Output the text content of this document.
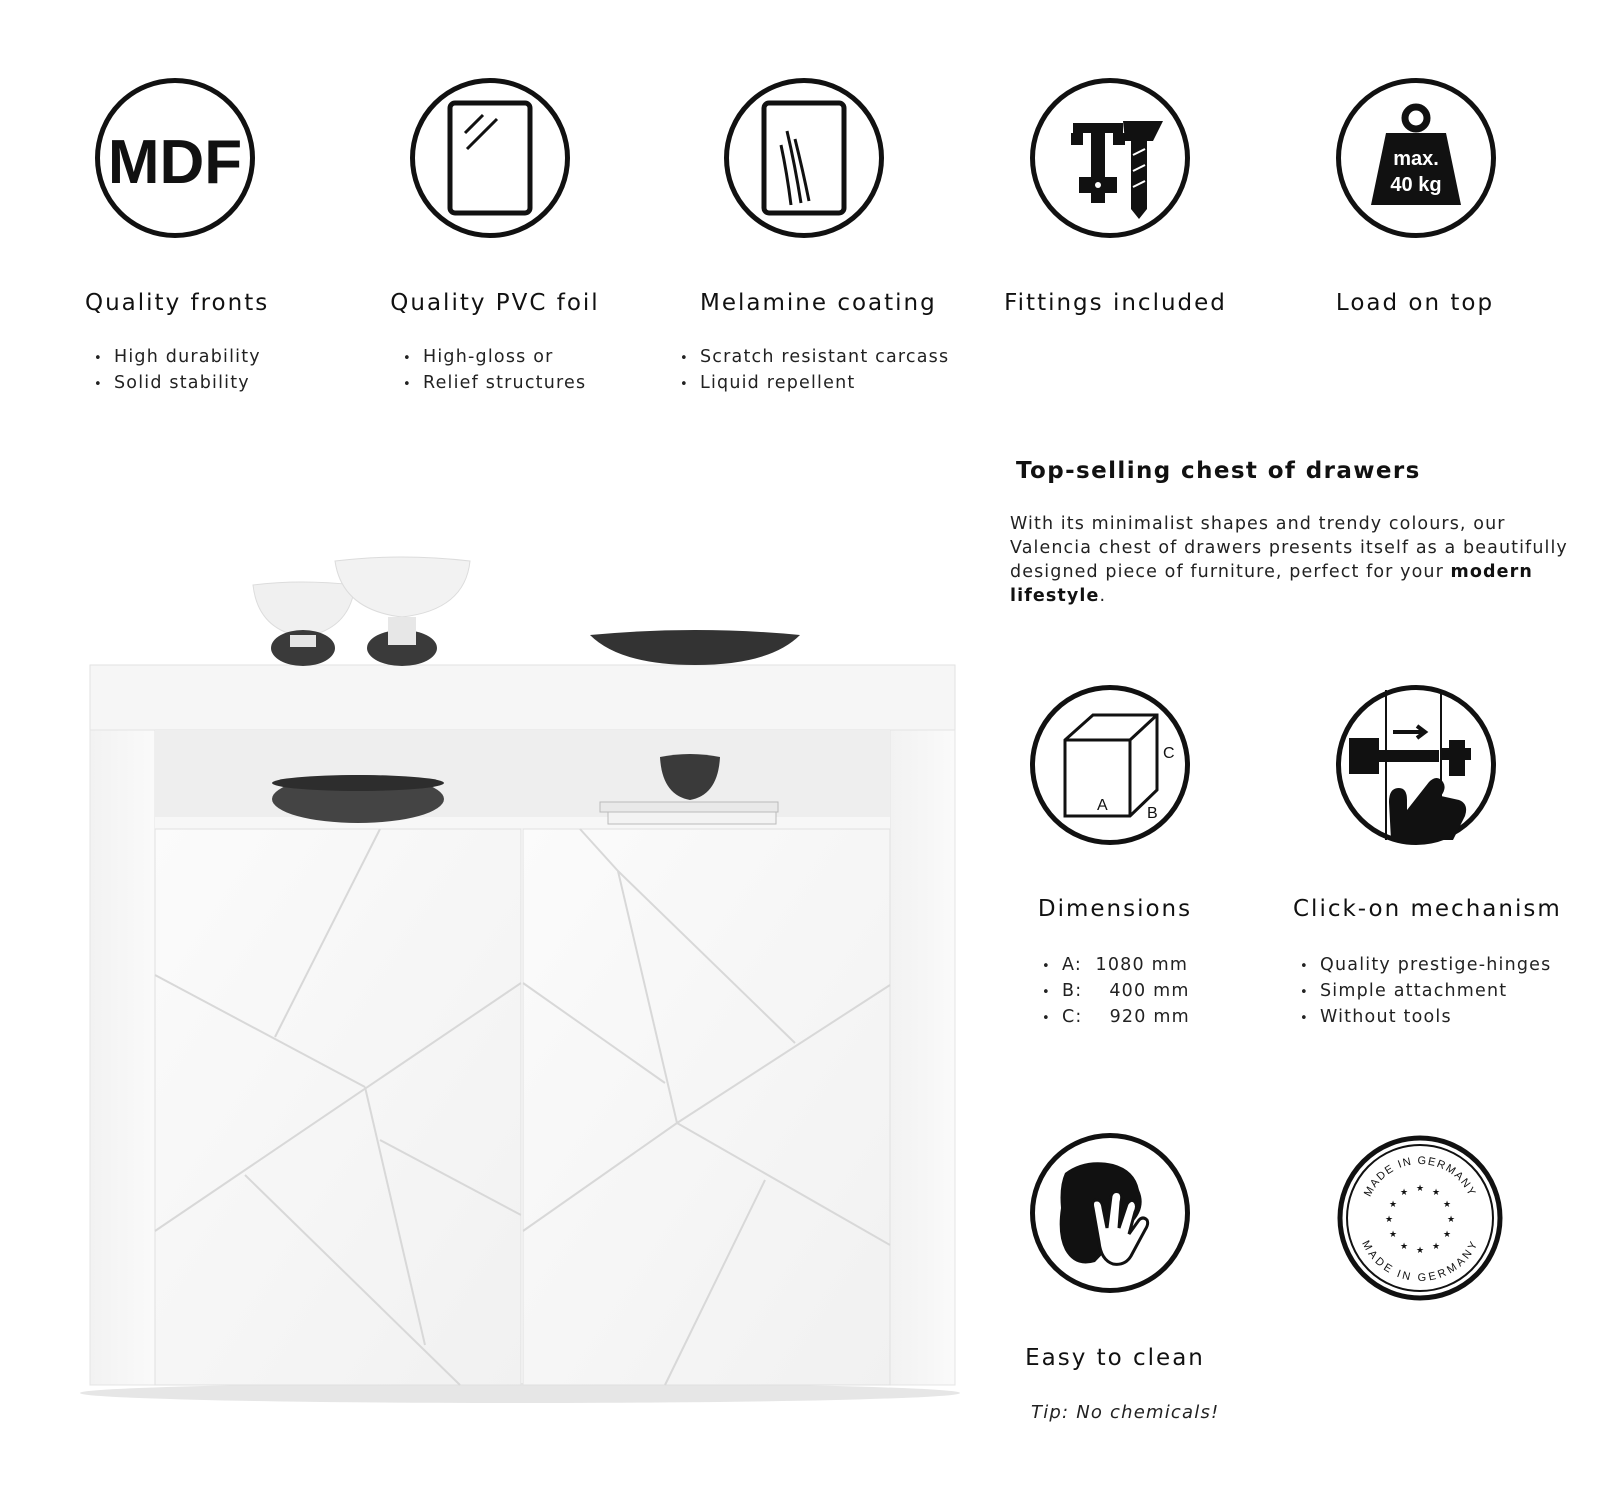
MDF	max.
40 kg
Quality fronts	Quality PVC foil	Melamine coating	Fittings included	Load on top
• High durability
• Solid stability
• High-gloss or
• Relief structures
• Scratch resistant carcass
• Liquid repellent
Top-selling chest of drawers
With its minimalist shapes and trendy colours, our Valencia chest of drawers presents itself as a beautifully designed piece of furniture, perfect for your modern lifestyle.
A B
C
Dimensions
• A:  1080 mm
• B:    400 mm
• C:    920 mm
Click-on mechanism
• Quality prestige-hinges
• Simple attachment
• Without tools
Easy to clean
Tip: No chemicals!
MADE IN GERMANY
MADE IN GERMANY
★ ★
★
★
★
★
★
★
★
★
★
★
